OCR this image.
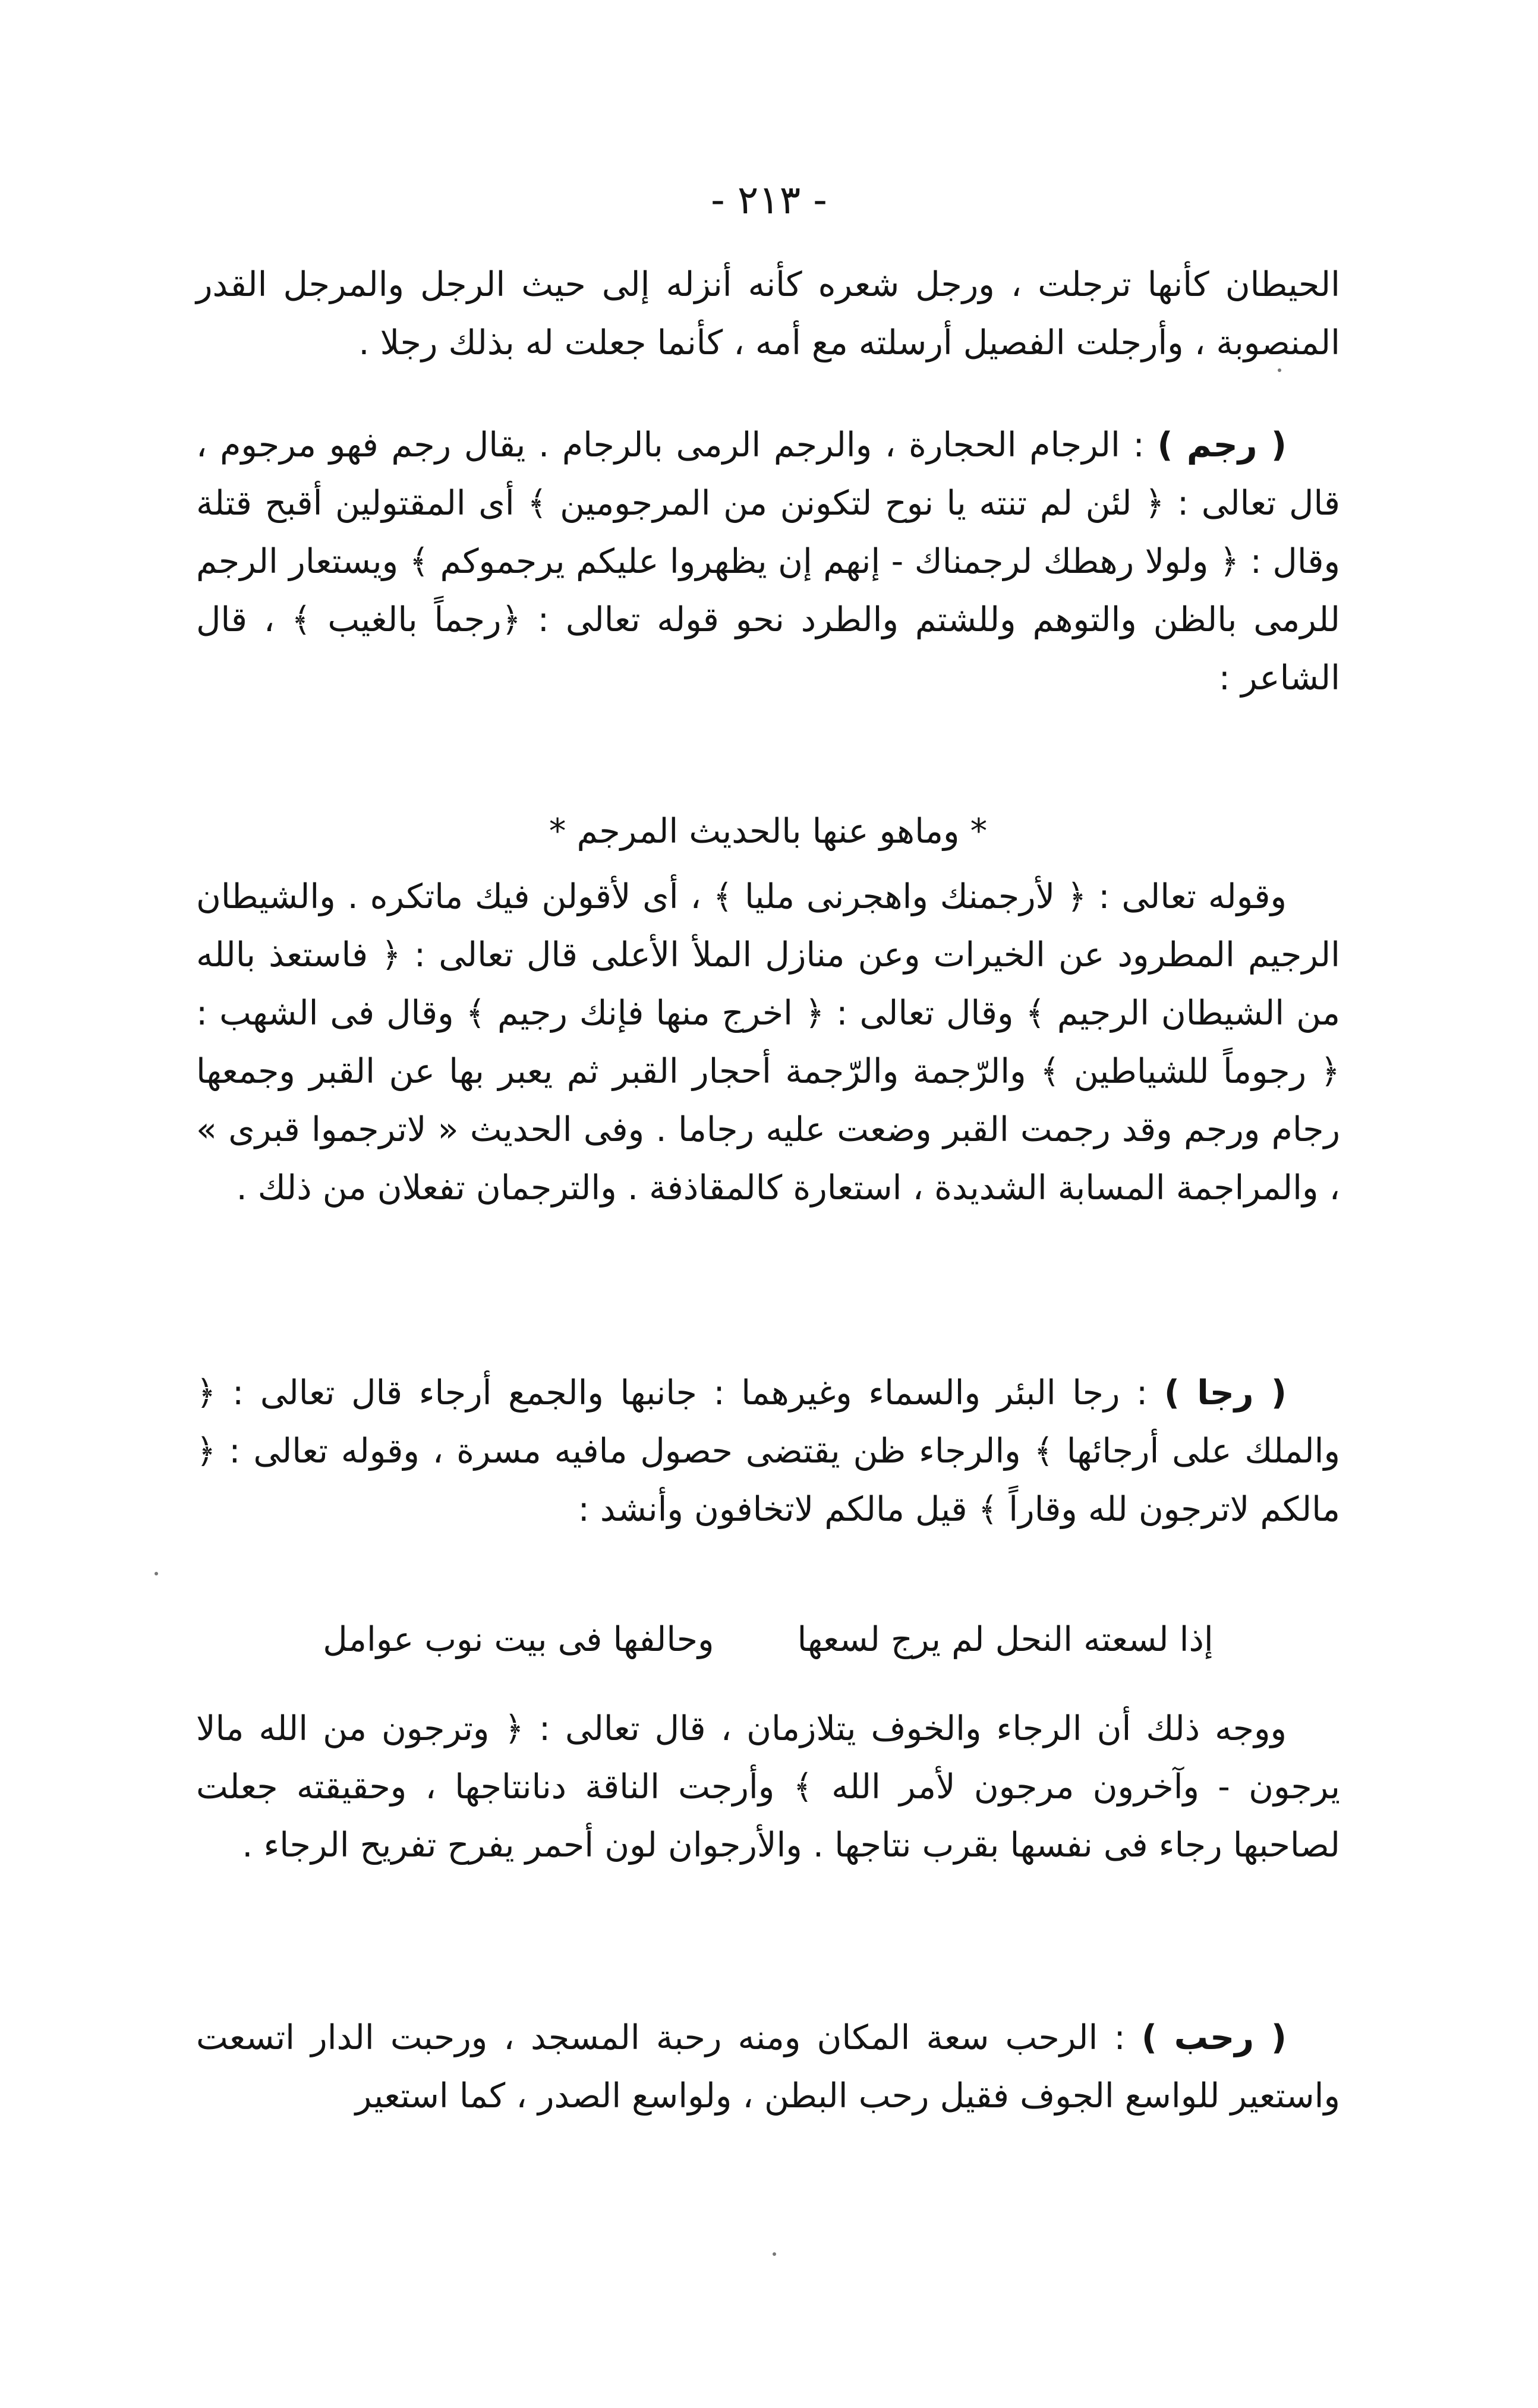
- ٢١٣ -

الحيطان كأنها ترجلت ، ورجل شعره كأنه أنزله إلى حيث الرجل والمرجل القدر المنصوبة ، وأرجلت الفصيل أرسلته مع أمه ، كأنما جعلت له بذلك رجلا .

( رجم ) : الرجام الحجارة ، والرجم الرمى بالرجام . يقال رجم فهو مرجوم ، قال تعالى : ﴿ لئن لم تنته يا نوح لتكونن من المرجومين ﴾ أى المقتولين أقبح قتلة وقال : ﴿ ولولا رهطك لرجمناك - إنهم إن يظهروا عليكم يرجموكم ﴾ ويستعار الرجم للرمى بالظن والتوهم وللشتم والطرد نحو قوله تعالى : ﴿رجماً بالغيب ﴾ ، قال الشاعر :

* وماهو عنها بالحديث المرجم *

وقوله تعالى : ﴿ لأرجمنك واهجرنى مليا ﴾ ، أى لأقولن فيك ماتكره . والشيطان الرجيم المطرود عن الخيرات وعن منازل الملأ الأعلى قال تعالى : ﴿ فاستعذ بالله من الشيطان الرجيم ﴾ وقال تعالى : ﴿ اخرج منها فإنك رجيم ﴾ وقال فى الشهب : ﴿ رجوماً للشياطين ﴾ والرّجمة والرّجمة أحجار القبر ثم يعبر بها عن القبر وجمعها رجام ورجم وقد رجمت القبر وضعت عليه رجاما . وفى الحديث « لاترجموا قبرى » ، والمراجمة المسابة الشديدة ، استعارة كالمقاذفة . والترجمان تفعلان من ذلك .

( رجا ) : رجا البئر والسماء وغيرهما : جانبها والجمع أرجاء قال تعالى : ﴿ والملك على أرجائها ﴾ والرجاء ظن يقتضى حصول مافيه مسرة ، وقوله تعالى : ﴿ مالكم لاترجون لله وقاراً ﴾ قيل مالكم لاتخافون وأنشد :

إذا لسعته النحل لم يرج لسعها
وحالفها فى بيت نوب عوامل

ووجه ذلك أن الرجاء والخوف يتلازمان ، قال تعالى : ﴿ وترجون من الله مالا يرجون - وآخرون مرجون لأمر الله ﴾ وأرجت الناقة دنانتاجها ، وحقيقته جعلت لصاحبها رجاء فى نفسها بقرب نتاجها . والأرجوان لون أحمر يفرح تفريح الرجاء .

( رحب ) : الرحب سعة المكان ومنه رحبة المسجد ، ورحبت الدار اتسعت واستعير للواسع الجوف فقيل رحب البطن ، ولواسع الصدر ، كما استعير
